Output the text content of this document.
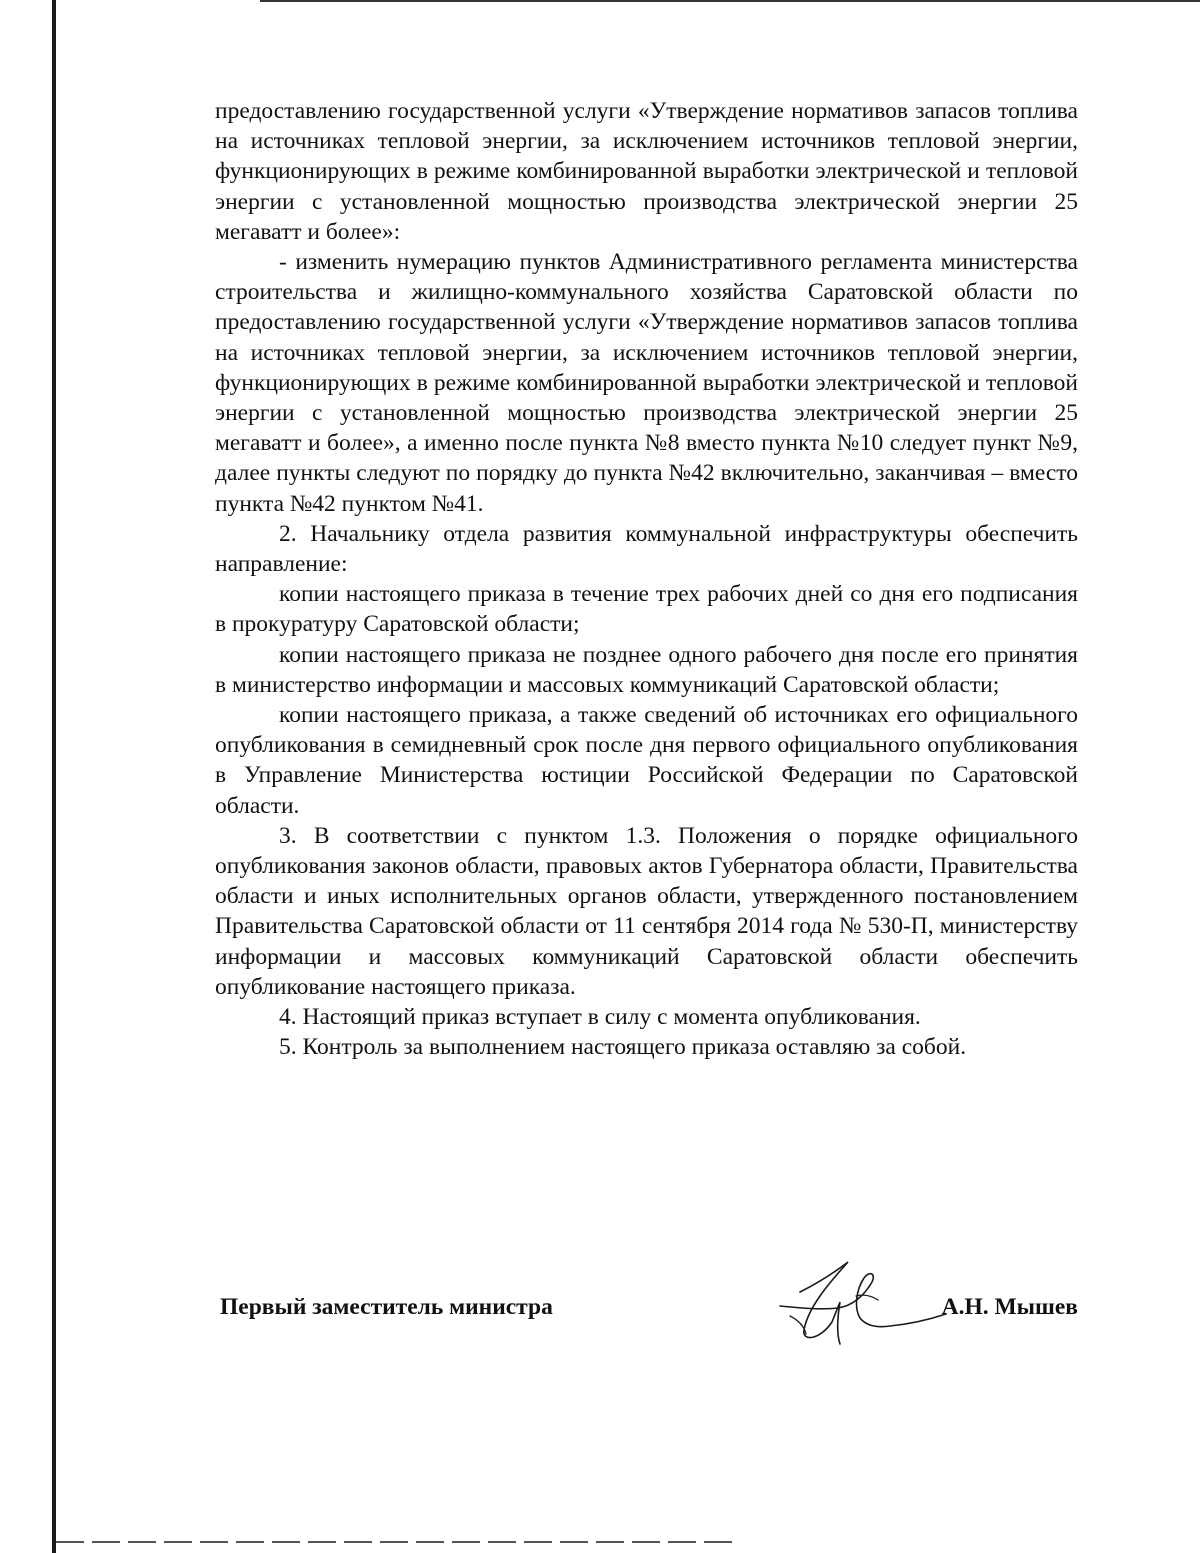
предоставлению государственной услуги «Утверждение нормативов запасов топлива на источниках тепловой энергии, за исключением источников тепловой энергии, функционирующих в режиме комбинированной выработки электрической и тепловой энергии с установленной мощностью производства электрической энергии 25 мегаватт и более»:

- изменить нумерацию пунктов Административного регламента министерства строительства и жилищно-коммунального хозяйства Саратовской области по предоставлению государственной услуги «Утверждение нормативов запасов топлива на источниках тепловой энергии, за исключением источников тепловой энергии, функционирующих в режиме комбинированной выработки электрической и тепловой энергии с установленной мощностью производства электрической энергии 25 мегаватт и более», а именно после пункта №8 вместо пункта №10 следует пункт №9, далее пункты следуют по порядку до пункта №42 включительно, заканчивая – вместо пункта №42 пунктом №41.

2. Начальнику отдела развития коммунальной инфраструктуры обеспечить направление:

копии настоящего приказа в течение трех рабочих дней со дня его подписания в прокуратуру Саратовской области;

копии настоящего приказа не позднее одного рабочего дня после его принятия в министерство информации и массовых коммуникаций Саратовской области;

копии настоящего приказа, а также сведений об источниках его официального опубликования в семидневный срок после дня первого официального опубликования в Управление Министерства юстиции Российской Федерации по Саратовской области.

3. В соответствии с пунктом 1.3. Положения о порядке официального опубликования законов области, правовых актов Губернатора области, Правительства области и иных исполнительных органов области, утвержденного постановлением Правительства Саратовской области от 11 сентября 2014 года № 530-П, министерству информации и массовых коммуникаций Саратовской области обеспечить опубликование настоящего приказа.

4. Настоящий приказ вступает в силу с момента опубликования.

5. Контроль за выполнением настоящего приказа оставляю за собой.

Первый заместитель министра	А.Н. Мышев
